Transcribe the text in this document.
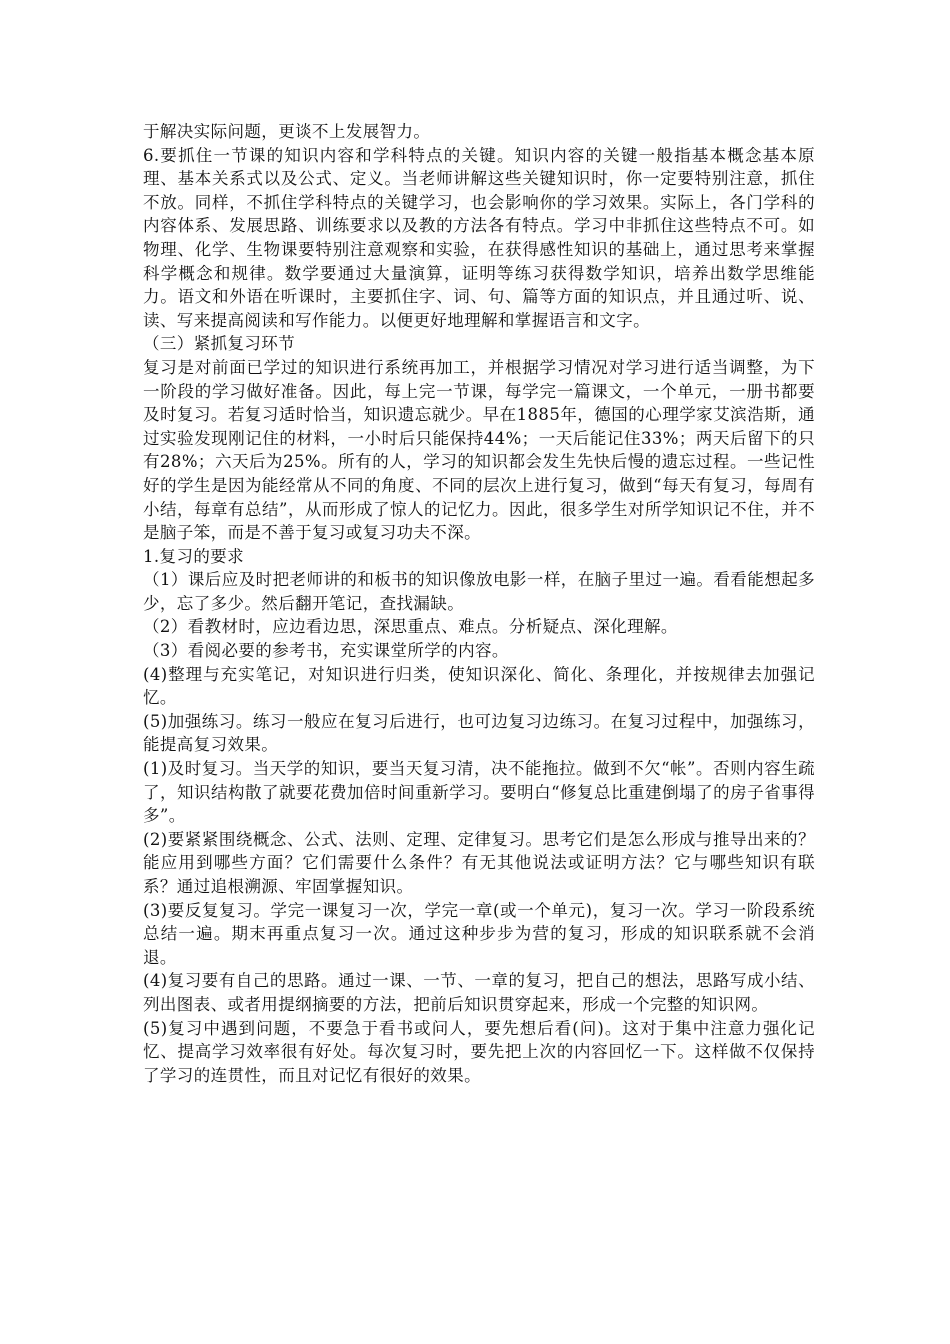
于解决实际问题，更谈不上发展智力。

6.要抓住一节课的知识内容和学科特点的关键。知识内容的关键一般指基本概念基本原理、基本关系式以及公式、定义。当老师讲解这些关键知识时，你一定要特别注意，抓住不放。同样，不抓住学科特点的关键学习，也会影响你的学习效果。实际上，各门学科的内容体系、发展思路、训练要求以及教的方法各有特点。学习中非抓住这些特点不可。如物理、化学、生物课要特别注意观察和实验，在获得感性知识的基础上，通过思考来掌握科学概念和规律。数学要通过大量演算，证明等练习获得数学知识，培养出数学思维能力。语文和外语在听课时，主要抓住字、词、句、篇等方面的知识点，并且通过听、说、读、写来提高阅读和写作能力。以便更好地理解和掌握语言和文字。

（三）紧抓复习环节

复习是对前面已学过的知识进行系统再加工，并根据学习情况对学习进行适当调整，为下一阶段的学习做好准备。因此，每上完一节课，每学完一篇课文，一个单元，一册书都要及时复习。若复习适时恰当，知识遗忘就少。早在1885年，德国的心理学家艾滨浩斯，通过实验发现刚记住的材料，一小时后只能保持44%；一天后能记住33%；两天后留下的只有28%；六天后为25%。所有的人，学习的知识都会发生先快后慢的遗忘过程。一些记性好的学生是因为能经常从不同的角度、不同的层次上进行复习，做到“每天有复习，每周有小结，每章有总结”，从而形成了惊人的记忆力。因此，很多学生对所学知识记不住，并不是脑子笨，而是不善于复习或复习功夫不深。

1.复习的要求

（1）课后应及时把老师讲的和板书的知识像放电影一样，在脑子里过一遍。看看能想起多少，忘了多少。然后翻开笔记，查找漏缺。

（2）看教材时，应边看边思，深思重点、难点。分析疑点、深化理解。

（3）看阅必要的参考书，充实课堂所学的内容。

(4)整理与充实笔记，对知识进行归类，使知识深化、简化、条理化，并按规律去加强记忆。

(5)加强练习。练习一般应在复习后进行，也可边复习边练习。在复习过程中，加强练习，能提高复习效果。

(1)及时复习。当天学的知识，要当天复习清，决不能拖拉。做到不欠“帐”。否则内容生疏了，知识结构散了就要花费加倍时间重新学习。要明白“修复总比重建倒塌了的房子省事得多”。

(2)要紧紧围绕概念、公式、法则、定理、定律复习。思考它们是怎么形成与推导出来的？能应用到哪些方面？它们需要什么条件？有无其他说法或证明方法？它与哪些知识有联系？通过追根溯源、牢固掌握知识。

(3)要反复复习。学完一课复习一次，学完一章(或一个单元)，复习一次。学习一阶段系统总结一遍。期末再重点复习一次。通过这种步步为营的复习，形成的知识联系就不会消退。

(4)复习要有自己的思路。通过一课、一节、一章的复习，把自己的想法，思路写成小结、列出图表、或者用提纲摘要的方法，把前后知识贯穿起来，形成一个完整的知识网。

(5)复习中遇到问题，不要急于看书或问人，要先想后看(问)。这对于集中注意力强化记忆、提高学习效率很有好处。每次复习时，要先把上次的内容回忆一下。这样做不仅保持了学习的连贯性，而且对记忆有很好的效果。
